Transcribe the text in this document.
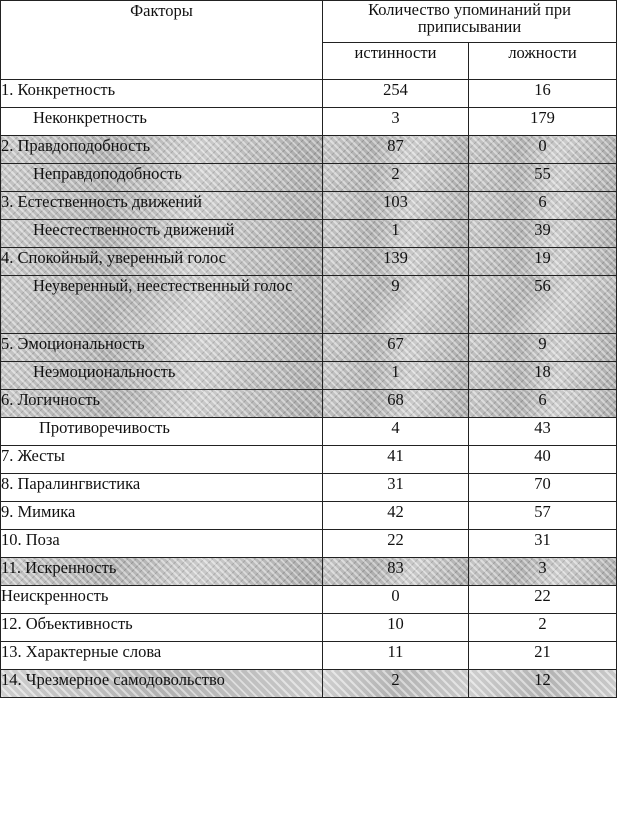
Факторы	Количество упоминаний при приписывании	
	истинности	ложности
1. Конкретность	254	16
Неконкретность	3	179
2. Правдоподобность	87	0
Неправдоподобность	2	55
3. Естественность движений	103	6
Неестественность движений	1	39
4. Спокойный, уверенный голос	139	19
Неуверенный, неестественный голос	9	56
5. Эмоциональность	67	9
Неэмоциональность	1	18
6. Логичность	68	6
Противоречивость	4	43
7. Жесты	41	40
8. Паралингвистика	31	70
9. Мимика	42	57
10. Поза	22	31
11. Искренность	83	3
Неискренность	0	22
12. Объективность	10	2
13. Характерные слова	11	21
14. Чрезмерное самодовольство	2	12
